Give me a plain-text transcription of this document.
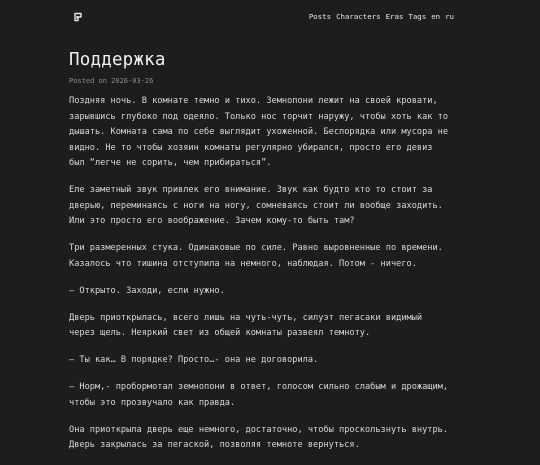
Posts Characters Eras Tags en ru
Поддержка
Posted on 2026-03-26

Поздняя ночь. В комнате темно и тихо. Земнопони лежит на своей кровати,
зарывшись глубоко под одеяло. Только нос торчит наружу, чтобы хоть как то
дышать. Комната сама по себе выглядит ухоженной. Беспорядка или мусора не
видно. Не то чтобы хозяин комнаты регулярно убирался, просто его девиз
был “легче не сорить, чем прибираться”.

Еле заметный звук привлек его внимание. Звук как будто кто то стоит за
дверью, переминаясь с ноги на ногу, сомневаясь стоит ли вообще заходить.
Или это просто его воображение. Зачем кому-то быть там?

Три размеренных стука. Одинаковые по силе. Равно выровненные по времени.
Казалось что тишина отступила на немного, наблюдая. Потом - ничего.

— Открыто. Заходи, если нужно.

Дверь приоткрылась, всего лишь на чуть-чуть, силуэт пегасаки видимый
через щель. Неяркий свет из общей комнаты развеял темноту.

— Ты как… В порядке? Просто…- она не договорила.

— Норм,- пробормотал земнопони в ответ, голосом сильно слабым и дрожащим,
чтобы это прозвучало как правда.

Она приоткрыла дверь еще немного, достаточно, чтобы проскользнуть внутрь.
Дверь закрылась за пегаской, позволяя темноте вернуться.
